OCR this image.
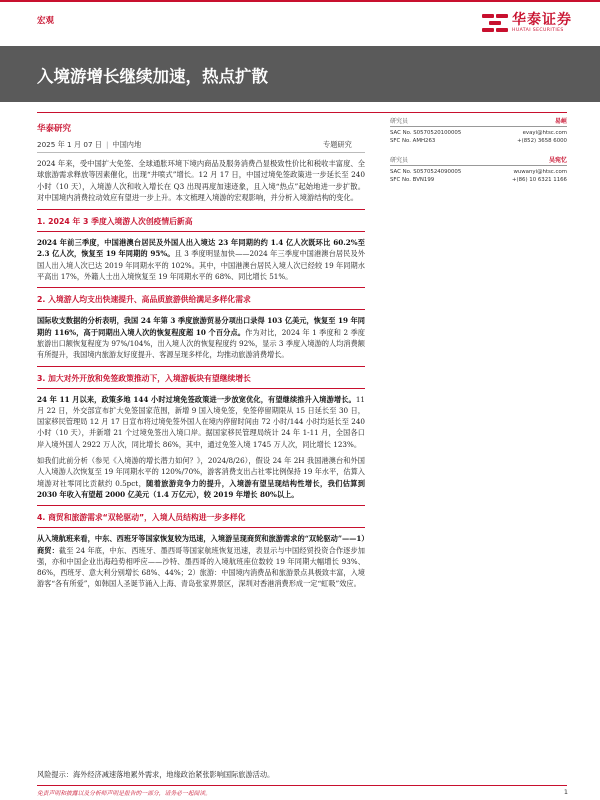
宏观	华泰证券
HUATAI SECURITIES
入境游增长继续加速，热点扩散
华泰研究
2025 年 1 月 07 日 | 中国内地	专题研究
研究员	易峘
SAC No. S0570520100005	evayi@htsc.com
SFC No. AMH263	+(852) 3658 6000
研究员	吴宛忆
SAC No. S0570524090005	wuwanyi@htsc.com
SFC No. BVN199	+(86) 10 6321 1166

2024 年来，受中国扩大免签、全球通胀环境下境内商品及服务消费凸显极致性价比和税收丰富度、全球旅游需求释放等因素催化，出现“井喷式”增长。12 月 17 日，中国过境免签政策进一步延长至 240 小时（10 天），入境游人次和收入增长在 Q3 出现再度加速迹象，且入境“热点”起始地进一步扩散。对中国境内消费拉动效应有望进一步上升。本文梳理入境游的宏观影响，并分析入境游结构的变化。

1. 2024 年 3 季度入境游人次创疫情后新高

2024 年前三季度，中国港澳台居民及外国人出入境达 23 年同期的约 1.4 亿人次既环比 60.2%至 2.3 亿人次，恢复至 19 年同期的 95%。且 3 季度明显加快——2024 年三季度中国港澳台居民及外国人出入境人次已达 2019 年同期水平的 102%。其中，中国港澳台居民入境人次已经较 19 年同期水平高出 17%，外籍人士出入境恢复至 19 年同期水平的 68%、同比增长 51%。

2. 入境游人均支出快速提升、高品质旅游供给满足多样化需求

国际收支数据的分析表明，我国 24 年第 3 季度旅游贸易分项出口录得 103 亿美元，恢复至 19 年同期的 116%，高于同期出入境人次的恢复程度超 10 个百分点。作为对比，2024 年 1 季度和 2 季度旅游出口额恢复程度为 97%/104%，出入境人次的恢复程度约 92%，显示 3 季度入境游的人均消费额有所提升，我国境内旅游友好度提升、客源呈现多样化，均推动旅游消费增长。

3. 加大对外开放和免签政策推动下，入境游板块有望继续增长

24 年 11 月以来，政策多地 144 小时过境免签政策进一步放宽优化，有望继续推升入境游增长。11 月 22 日，外交部宣布扩大免签国家范围，新增 9 国入境免签，免签停留期限从 15 日延长至 30 日，国家移民管理局 12 月 17 日宣布将过境免签外国人在境内停留时间由 72 小时/144 小时均延长至 240 小时（10 天），并新增 21 个过境免签出入境口岸。据国家移民管理局统计 24 年 1-11 月，全国各口岸入境外国人 2922 万人次，同比增长 86%，其中，通过免签入境 1745 万人次，同比增长 123%。

如我们此前分析（参见《入境游的增长潜力如何？》，2024/8/26），假设 24 年 2H 我国港澳台和外国人入境游人次恢复至 19 年同期水平的 120%/70%，游客消费支出占社零比例保持 19 年水平，估算入境游对社零同比贡献约 0.5pct，随着旅游竞争力的提升，入境游有望呈现结构性增长，我们估算到 2030 年收入有望超 2000 亿美元（1.4 万亿元），较 2019 年增长 80%以上。

4. 商贸和旅游需求“双轮驱动”，入境人员结构进一步多样化

从入境航班来看，中东、西班牙等国家恢复较为迅速，入境游呈现商贸和旅游需求的“双轮驱动”——1）商贸：截至 24 年底，中东、西班牙、墨西哥等国家航班恢复迅速，表显示与中国经贸投资合作逐步加强，亦和中国企业出海趋势相呼应——沙特、墨西哥的入境航班座位数较 19 年同期大幅增长 93%、86%，西班牙、意大利分别增长 68%、44%；2）旅游：中国境内消费品和旅游景点具极致丰富，入境游客“各有所爱”，如韩国人圣诞节涌入上海、青岛张家界景区，深圳对香港消费形成一定“虹吸”效应。

风险提示：海外经济减速落地累外需求，地缘政治紧张影响国际旅游活动。
免责声明和披露以及分析师声明是报告的一部分，请务必一起阅读。	1
